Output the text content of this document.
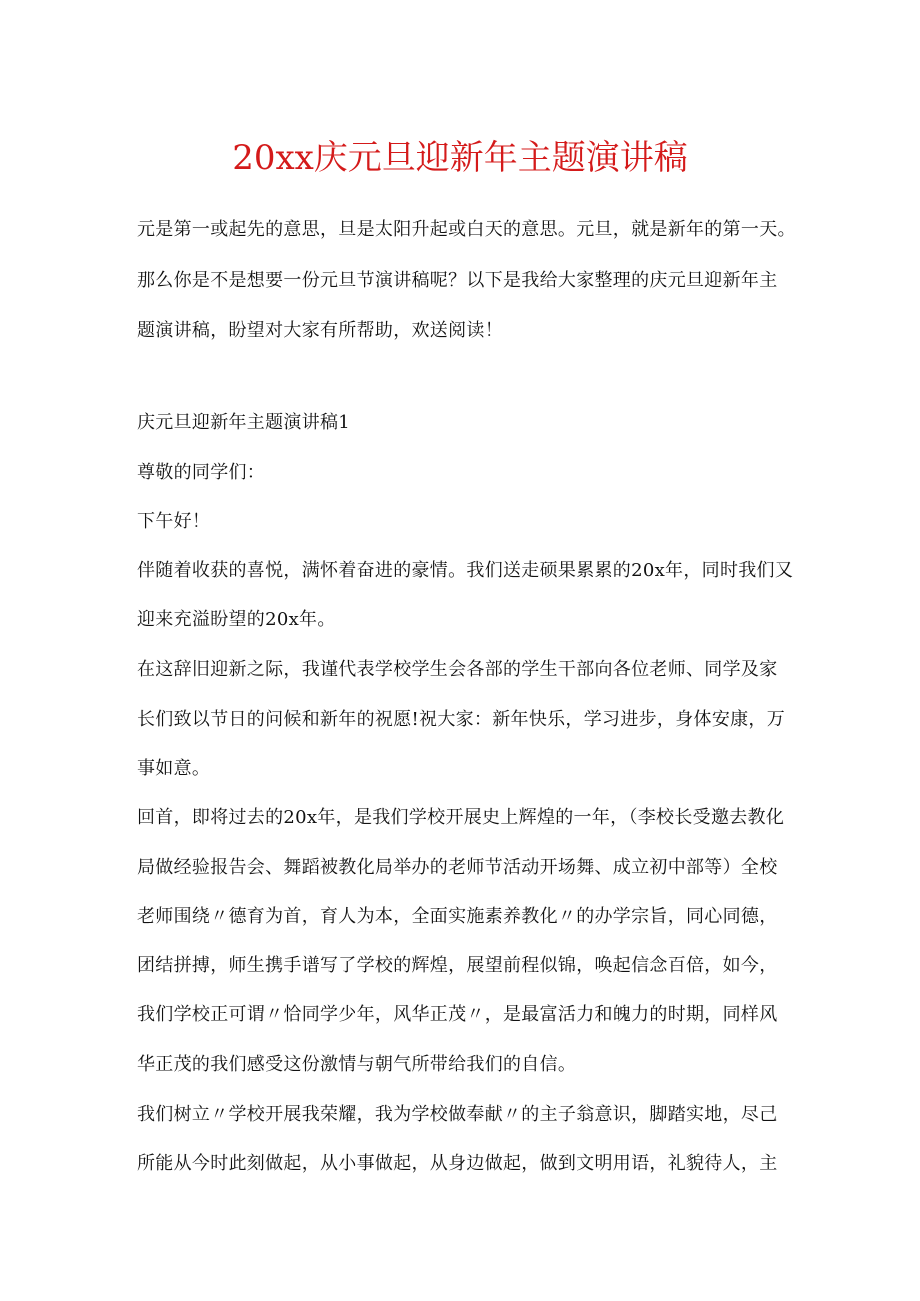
20xx庆元旦迎新年主题演讲稿
元是第一或起先的意思，旦是太阳升起或白天的意思。元旦，就是新年的第一天。
那么你是不是想要一份元旦节演讲稿呢？以下是我给大家整理的庆元旦迎新年主
题演讲稿，盼望对大家有所帮助，欢送阅读！
庆元旦迎新年主题演讲稿1
尊敬的同学们：
下午好！
伴随着收获的喜悦，满怀着奋进的豪情。我们送走硕果累累的20x年，同时我们又
迎来充溢盼望的20x年。
在这辞旧迎新之际，我谨代表学校学生会各部的学生干部向各位老师、同学及家
长们致以节日的问候和新年的祝愿!祝大家：新年快乐，学习进步，身体安康，万
事如意。
回首，即将过去的20x年，是我们学校开展史上辉煌的一年，（李校长受邀去教化
局做经验报告会、舞蹈被教化局举办的老师节活动开场舞、成立初中部等）全校
老师围绕〃德育为首，育人为本，全面实施素养教化〃的办学宗旨，同心同德，
团结拼搏，师生携手谱写了学校的辉煌，展望前程似锦，唤起信念百倍，如今，
我们学校正可谓〃恰同学少年，风华正茂〃，是最富活力和魄力的时期，同样风
华正茂的我们感受这份激情与朝气所带给我们的自信。
我们树立〃学校开展我荣耀，我为学校做奉献〃的主子翁意识，脚踏实地，尽己
所能从今时此刻做起，从小事做起，从身边做起，做到文明用语，礼貌待人，主
